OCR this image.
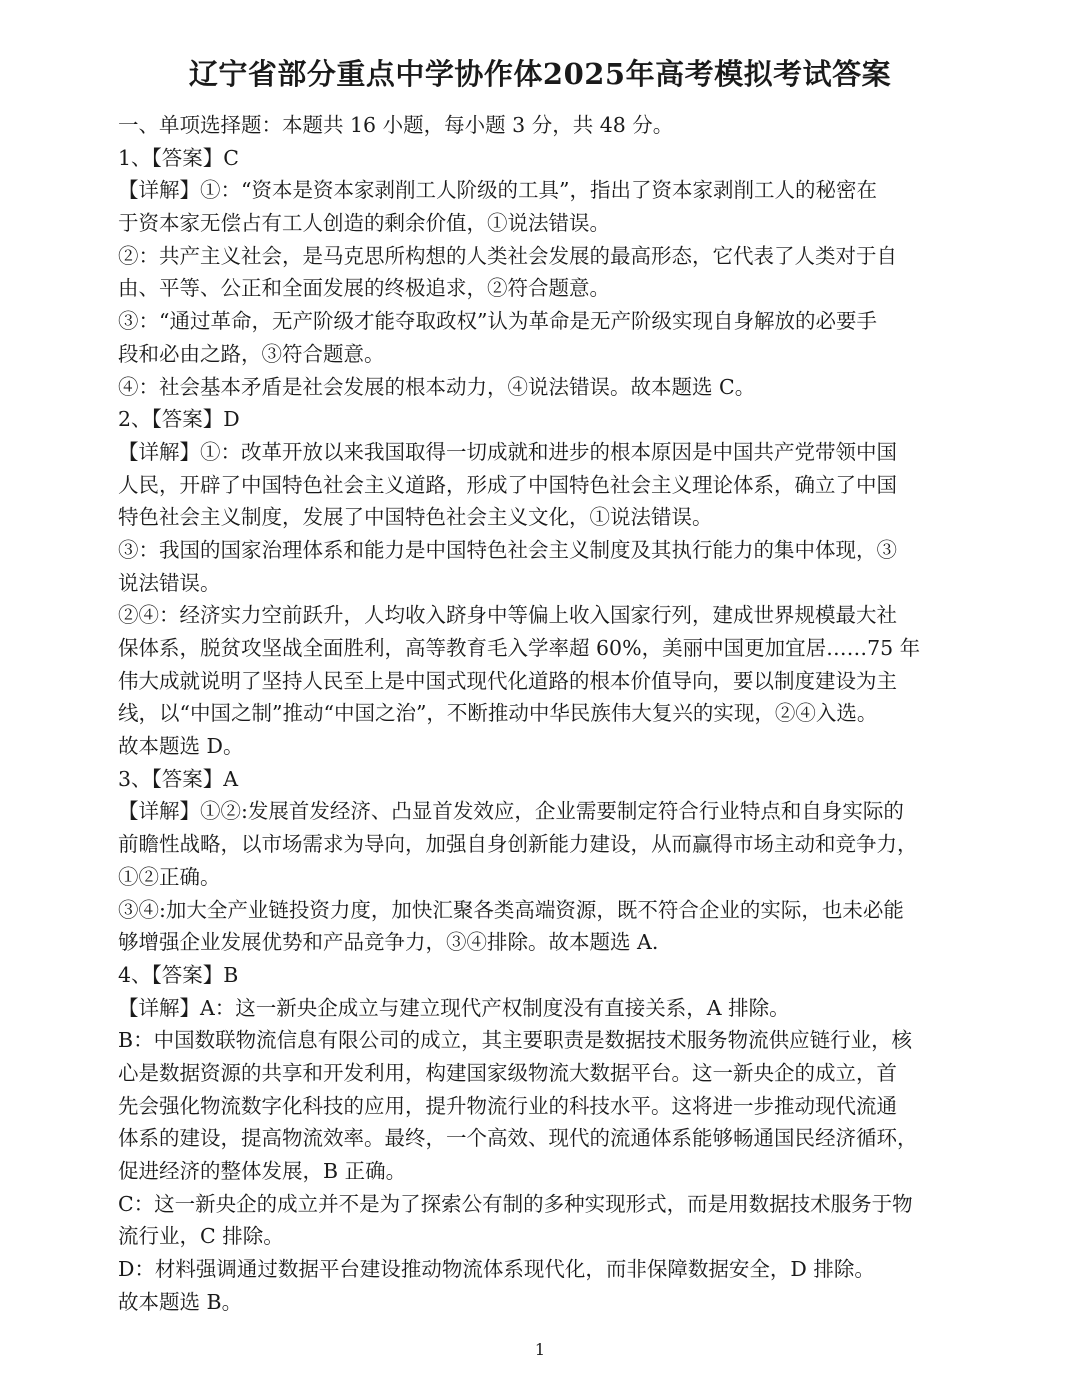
辽宁省部分重点中学协作体2025年高考模拟考试答案
一、单项选择题：本题共 16 小题，每小题 3 分，共 48 分。
1、【答案】C
【详解】①：“资本是资本家剥削工人阶级的工具”，指出了资本家剥削工人的秘密在
于资本家无偿占有工人创造的剩余价值，①说法错误。
②：共产主义社会，是马克思所构想的人类社会发展的最高形态，它代表了人类对于自
由、平等、公正和全面发展的终极追求，②符合题意。
③：“通过革命，无产阶级才能夺取政权”认为革命是无产阶级实现自身解放的必要手
段和必由之路，③符合题意。
④：社会基本矛盾是社会发展的根本动力，④说法错误。故本题选 C。
2、【答案】D
【详解】①：改革开放以来我国取得一切成就和进步的根本原因是中国共产党带领中国
人民，开辟了中国特色社会主义道路，形成了中国特色社会主义理论体系，确立了中国
特色社会主义制度，发展了中国特色社会主义文化，①说法错误。
③：我国的国家治理体系和能力是中国特色社会主义制度及其执行能力的集中体现，③
说法错误。
②④：经济实力空前跃升，人均收入跻身中等偏上收入国家行列，建成世界规模最大社
保体系，脱贫攻坚战全面胜利，高等教育毛入学率超 60%，美丽中国更加宜居……75 年
伟大成就说明了坚持人民至上是中国式现代化道路的根本价值导向，要以制度建设为主
线，以“中国之制”推动“中国之治”，不断推动中华民族伟大复兴的实现，②④入选。
故本题选 D。
3、【答案】A
【详解】①②:发展首发经济、凸显首发效应，企业需要制定符合行业特点和自身实际的
前瞻性战略，以市场需求为导向，加强自身创新能力建设，从而赢得市场主动和竞争力，
①②正确。
③④:加大全产业链投资力度，加快汇聚各类高端资源，既不符合企业的实际，也未必能
够增强企业发展优势和产品竞争力，③④排除。故本题选 A.
4、【答案】B
【详解】A：这一新央企成立与建立现代产权制度没有直接关系，A 排除。
B：中国数联物流信息有限公司的成立，其主要职责是数据技术服务物流供应链行业，核
心是数据资源的共享和开发利用，构建国家级物流大数据平台。这一新央企的成立，首
先会强化物流数字化科技的应用，提升物流行业的科技水平。这将进一步推动现代流通
体系的建设，提高物流效率。最终，一个高效、现代的流通体系能够畅通国民经济循环，
促进经济的整体发展，B 正确。
C：这一新央企的成立并不是为了探索公有制的多种实现形式，而是用数据技术服务于物
流行业，C 排除。
D：材料强调通过数据平台建设推动物流体系现代化，而非保障数据安全，D 排除。
故本题选 B。
1
